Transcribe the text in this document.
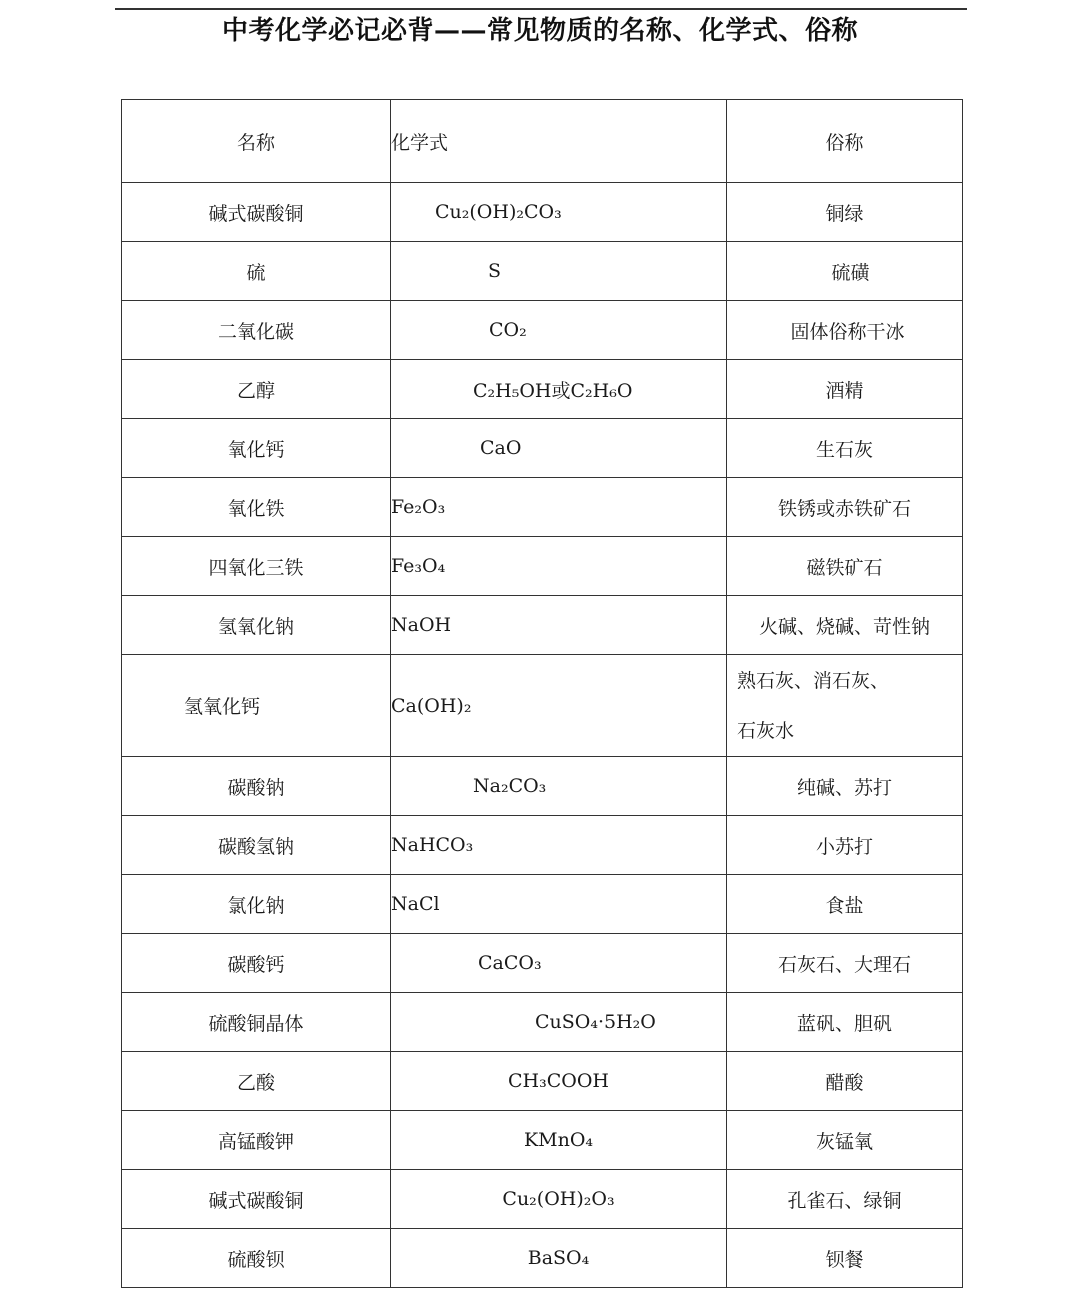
中考化学必记必背——常见物质的名称、化学式、俗称
名称	化学式	俗称
碱式碳酸铜	Cu₂(OH)₂CO₃	铜绿
硫	S	硫磺
二氧化碳	CO₂	固体俗称干冰
乙醇	C₂H₅OH或C₂H₆O	酒精
氧化钙	CaO	生石灰
氧化铁	Fe₂O₃	铁锈或赤铁矿石
四氧化三铁	Fe₃O₄	磁铁矿石
氢氧化钠	NaOH	火碱、烧碱、苛性钠
氢氧化钙	Ca(OH)₂	熟石灰、消石灰、
石灰水

碳酸钠	Na₂CO₃	纯碱、苏打
碳酸氢钠	NaHCO₃	小苏打
氯化钠	NaCl	食盐
碳酸钙	CaCO₃	石灰石、大理石
硫酸铜晶体	CuSO₄·5H₂O	蓝矾、胆矾
乙酸	CH₃COOH	醋酸
高锰酸钾	KMnO₄	灰锰氧
碱式碳酸铜	Cu₂(OH)₂O₃	孔雀石、绿铜
硫酸钡	BaSO₄	钡餐
